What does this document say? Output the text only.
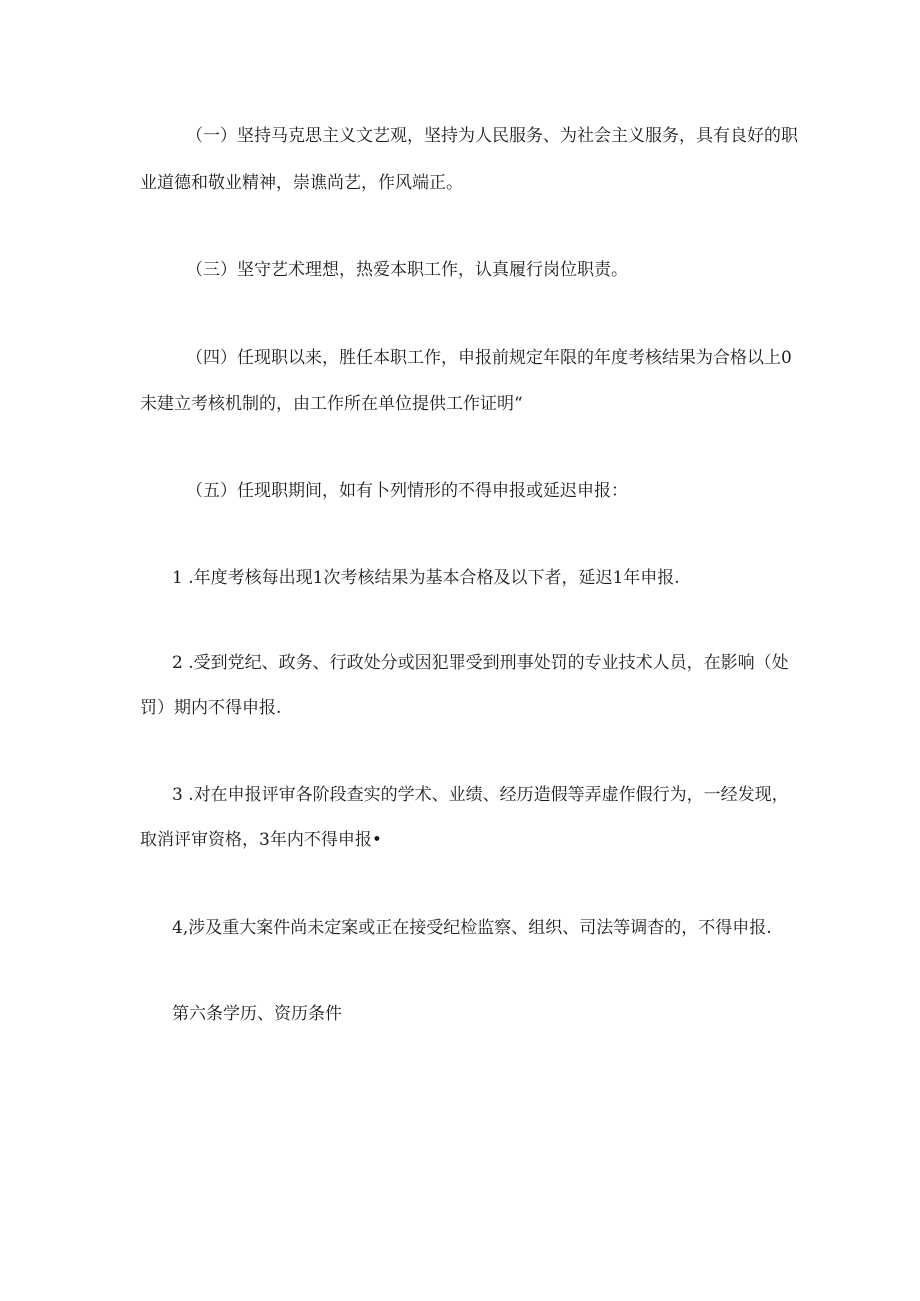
（一）坚持马克思主义文艺观，坚持为人民服务、为社会主义服务，具有良好的职
业道德和敬业精神，崇谯尚艺，作风端正。
（三）坚守艺术理想，热爱本职工作，认真履行岗位职责。
（四）任现职以来，胜任本职工作，申报前规定年限的年度考核结果为合格以上0
未建立考核机制的，由工作所在单位提供工作证明“
（五）任现职期间，如有卜列情形的不得申报或延迟申报：
1 .年度考核每出现1次考核结果为基本合格及以下者，延迟1年申报.
2 .受到党纪、政务、行政处分或因犯罪受到刑事处罚的专业技术人员，在影响（处
罚）期内不得申报.
3 .对在申报评审各阶段查实的学术、业绩、经历造假等弄虚作假行为，一经发现，
取消评审资格，3年内不得申报•
4,涉及重大案件尚未定案或正在接受纪检监察、组织、司法等调杳的，不得申报.
第六条学历、资历条件
